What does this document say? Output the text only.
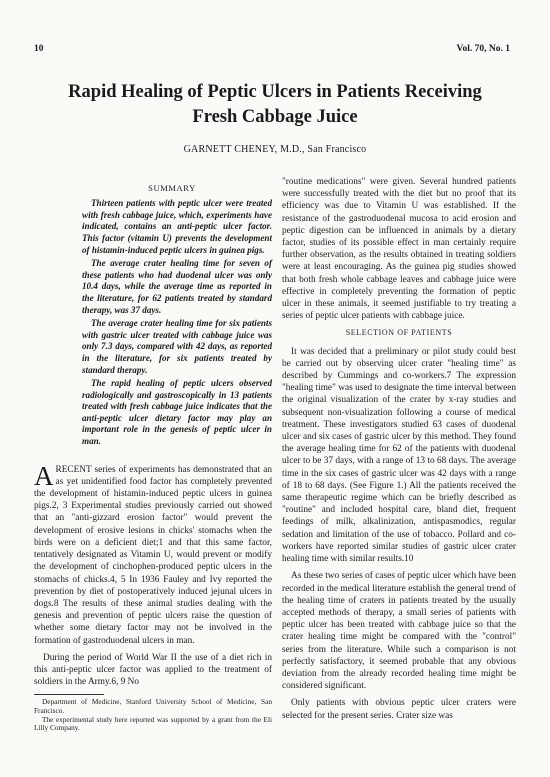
10	Vol. 70, No. 1
Rapid Healing of Peptic Ulcers in Patients Receiving
Fresh Cabbage Juice
GARNETT CHENEY, M.D., San Francisco
SUMMARY

Thirteen patients with peptic ulcer were treated with fresh cabbage juice, which, experiments have indicated, contains an anti-peptic ulcer factor. This factor (vitamin U) prevents the development of histamin-induced peptic ulcers in guinea pigs.

The average crater healing time for seven of these patients who had duodenal ulcer was only 10.4 days, while the average time as reported in the literature, for 62 patients treated by standard therapy, was 37 days.

The average crater healing time for six patients with gastric ulcer treated with cabbage juice was only 7.3 days, compared with 42 days, as reported in the literature, for six patients treated by standard therapy.

The rapid healing of peptic ulcers observed radiologically and gastroscopically in 13 patients treated with fresh cabbage juice indicates that the anti-peptic ulcer dietary factor may play an important role in the genesis of peptic ulcer in man.

ARECENT series of experiments has demonstrated that an as yet unidentified food factor has completely prevented the development of histamin-induced peptic ulcers in guinea pigs.2, 3 Experimental studies previously carried out showed that an "anti-gizzard erosion factor" would prevent the development of erosive lesions in chicks' stomachs when the birds were on a deficient diet;1 and that this same factor, tentatively designated as Vitamin U, would prevent or modify the development of cinchophen-produced peptic ulcers in the stomachs of chicks.4, 5 In 1936 Fauley and Ivy reported the prevention by diet of postoperatively induced jejunal ulcers in dogs.8 The results of these animal studies dealing with the genesis and prevention of peptic ulcers raise the question of whether some dietary factor may not be involved in the formation of gastroduodenal ulcers in man.

During the period of World War II the use of a diet rich in this anti-peptic ulcer factor was applied to the treatment of soldiers in the Army.6, 9 No

Department of Medicine, Stanford University School of Medicine, San Francisco.

The experimental study here reported was supported by a grant from the Eli Lilly Company.

"routine medications" were given. Several hundred patients were successfully treated with the diet but no proof that its efficiency was due to Vitamin U was established. If the resistance of the gastroduodenal mucosa to acid erosion and peptic digestion can be influenced in animals by a dietary factor, studies of its possible effect in man certainly require further observation, as the results obtained in treating soldiers were at least encouraging. As the guinea pig studies showed that both fresh whole cabbage leaves and cabbage juice were effective in completely preventing the formation of peptic ulcer in these animals, it seemed justifiable to try treating a series of peptic ulcer patients with cabbage juice.

SELECTION OF PATIENTS

It was decided that a preliminary or pilot study could best be carried out by observing ulcer crater "healing time" as described by Cummings and co-workers.7 The expression "healing time" was used to designate the time interval between the original visualization of the crater by x-ray studies and subsequent non-visualization following a course of medical treatment. These investigators studied 63 cases of duodenal ulcer and six cases of gastric ulcer by this method. They found the average healing time for 62 of the patients with duodenal ulcer to be 37 days, with a range of 13 to 68 days. The average time in the six cases of gastric ulcer was 42 days with a range of 18 to 68 days. (See Figure 1.) All the patients received the same therapeutic regime which can be briefly described as "routine" and included hospital care, bland diet, frequent feedings of milk, alkalinization, antispasmodics, regular sedation and limitation of the use of tobacco. Pollard and co-workers have reported similar studies of gastric ulcer crater healing time with similar results.10

As these two series of cases of peptic ulcer which have been recorded in the medical literature establish the general trend of the healing time of craters in patients treated by the usually accepted methods of therapy, a small series of patients with peptic ulcer has been treated with cabbage juice so that the crater healing time might be compared with the "control" series from the literature. While such a comparison is not perfectly satisfactory, it seemed probable that any obvious deviation from the already recorded healing time might be considered significant.

Only patients with obvious peptic ulcer craters were selected for the present series. Crater size was
